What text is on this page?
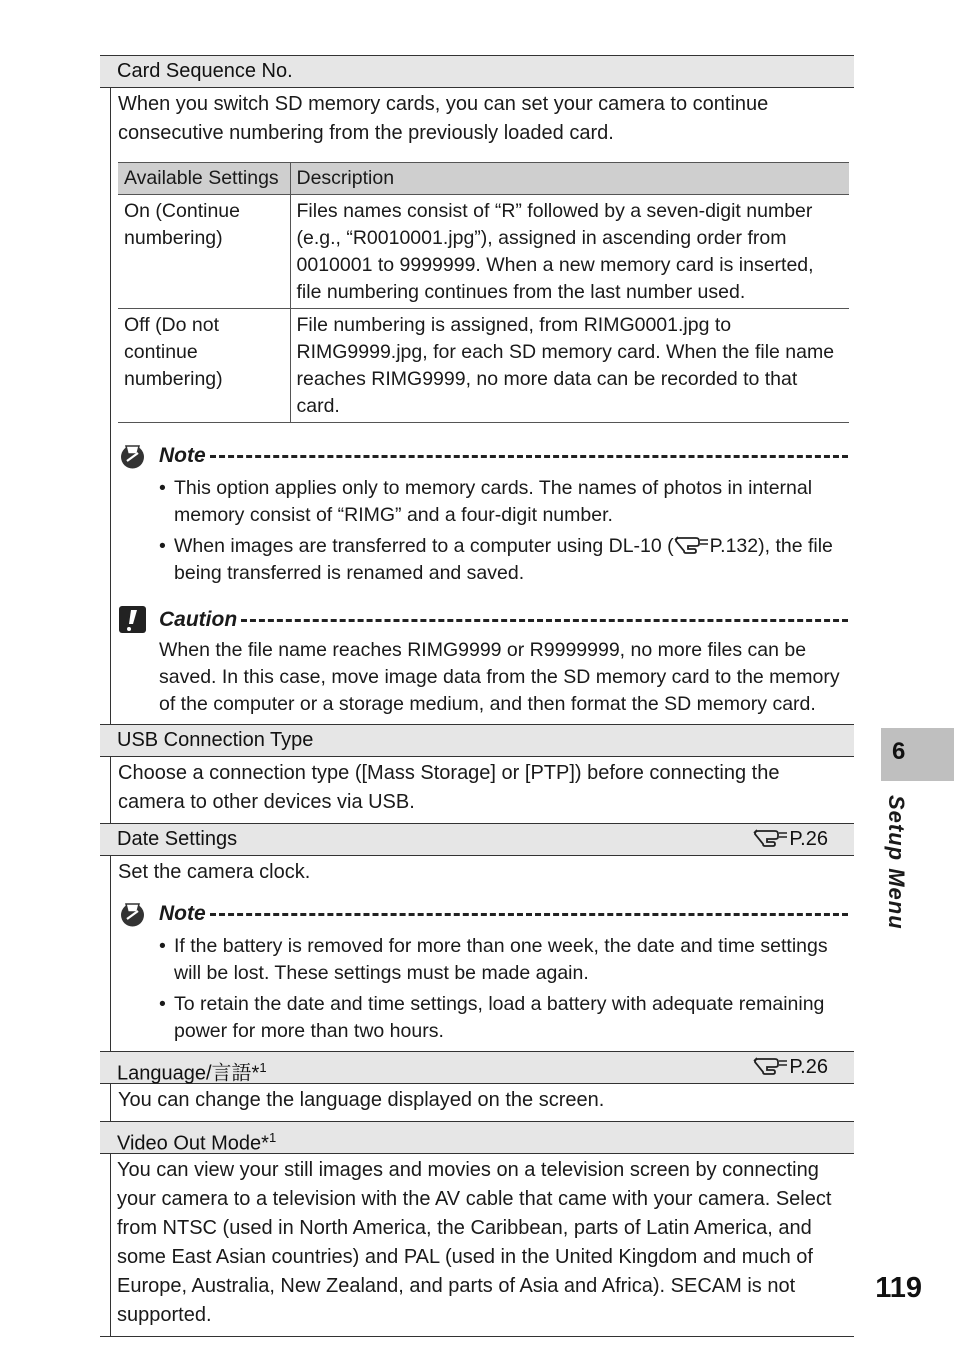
Card Sequence No.

When you switch SD memory cards, you can set your camera to continue consecutive numbering from the previously loaded card.

Available Settings	Description
On (Continue numbering)	Files names consist of “R” followed by a seven-digit number (e.g., “R0010001.jpg”), assigned in ascending order from 0010001 to 9999999. When a new memory card is inserted, file numbering continues from the last number used.
Off (Do not continue numbering)	File numbering is assigned, from RIMG0001.jpg to RIMG9999.jpg, for each SD memory card. When the file name reaches RIMG9999, no more data can be recorded to that card.
Note
• This option applies only to memory cards. The names of photos in internal memory consist of “RIMG” and a four-digit number.
• When images are transferred to a computer using DL-10 ( P.132), the file being transferred is renamed and saved.
Caution
When the file name reaches RIMG9999 or R9999999, no more files can be saved. In this case, move image data from the SD memory card to the memory of the computer or a storage medium, and then format the SD memory card.
USB Connection Type

Choose a connection type ([Mass Storage] or [PTP]) before connecting the camera to other devices via USB.

Date Settings	P.26

Set the camera clock.

Note
• If the battery is removed for more than one week, the date and time settings will be lost. These settings must be made again.
• To retain the date and time settings, load a battery with adequate remaining power for more than two hours.
Language/言語*$^1$	P.26

You can change the language displayed on the screen.

Video Out Mode*$^1$

You can view your still images and movies on a television screen by connecting your camera to a television with the AV cable that came with your camera. Select from NTSC (used in North America, the Caribbean, parts of Latin America, and some East Asian countries) and PAL (used in the United Kingdom and much of Europe, Australia, New Zealand, and parts of Asia and Africa). SECAM is not supported.

6
Setup Menu
119
